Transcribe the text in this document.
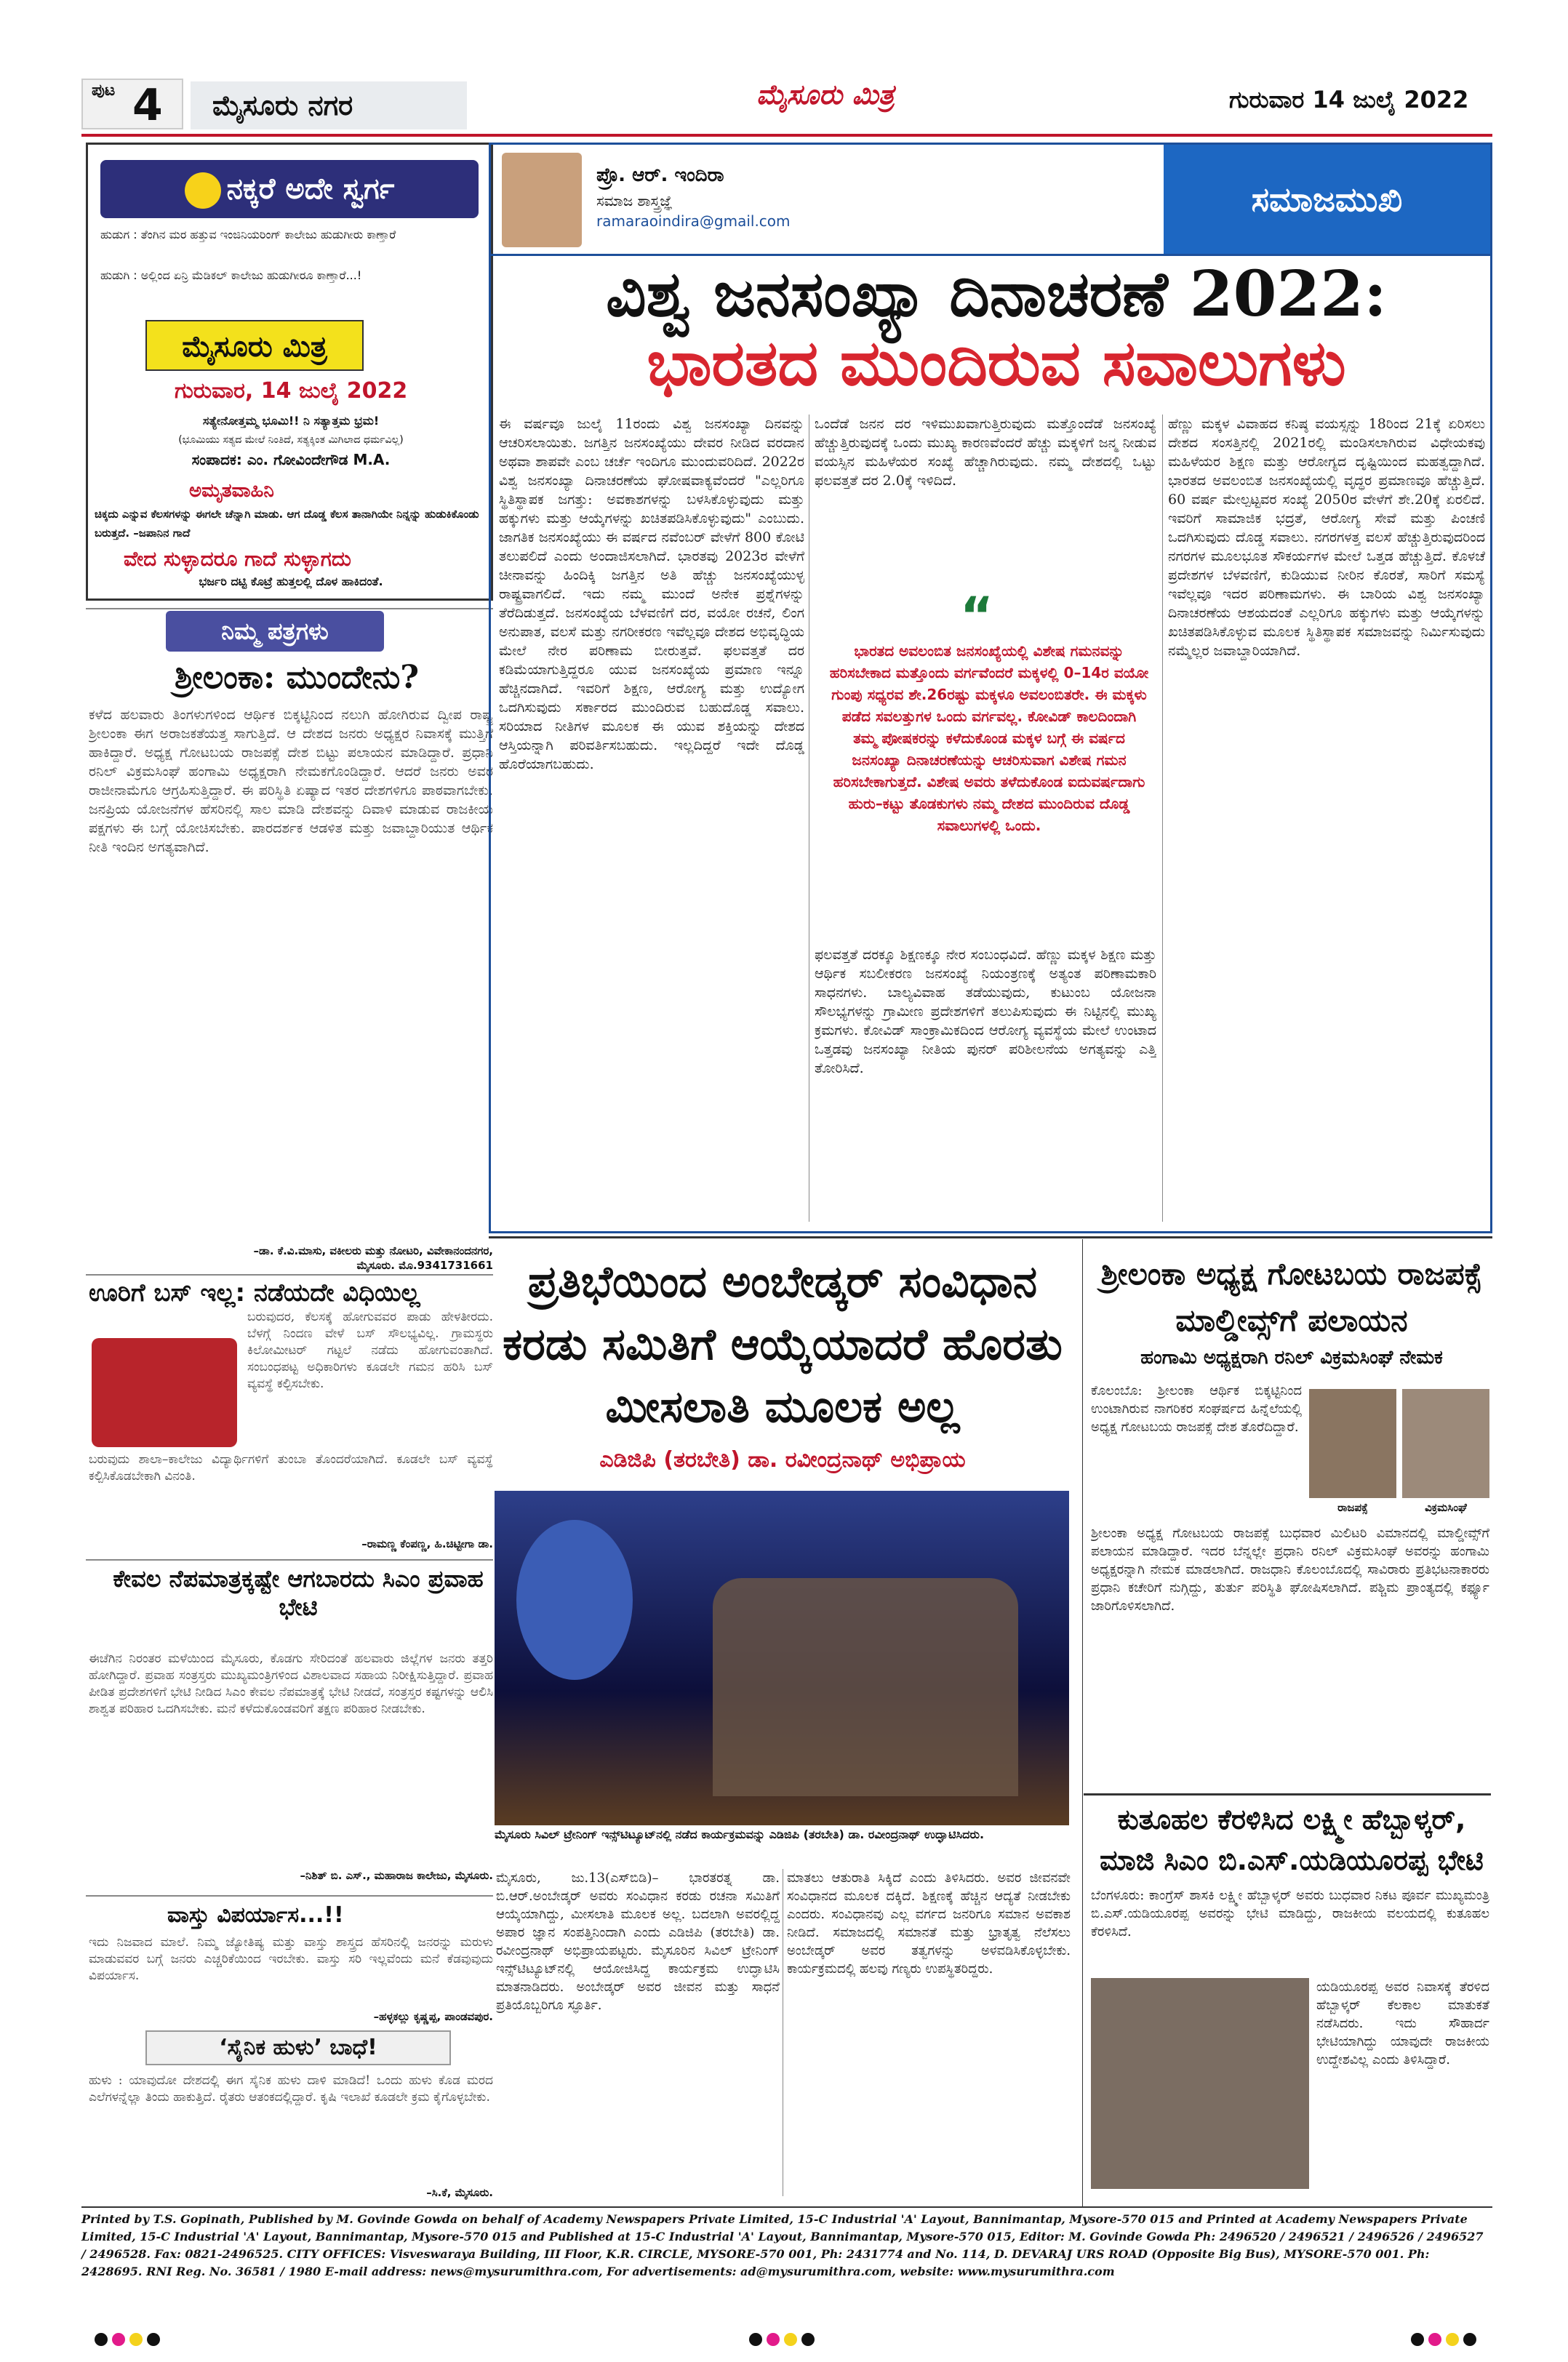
ಪುಟ 4	ಮೈಸೂರು ನಗರ	ಮೈಸೂರು ಮಿತ್ರ	ಗುರುವಾರ 14 ಜುಲೈ 2022
ನಕ್ಕರೆ ಅದೇ ಸ್ವರ್ಗ
ಹುಡುಗ : ತೆಂಗಿನ ಮರ ಹತ್ತುವ ಇಂಜಿನಿಯರಿಂಗ್ ಕಾಲೇಜು ಹುಡುಗೀರು ಕಾಣ್ತಾರೆ
ಹುಡುಗಿ : ಅಲ್ಲಿಂದ ಏನ್ರಿ ಮೆಡಿಕಲ್ ಕಾಲೇಜು ಹುಡುಗೀರೂ ಕಾಣ್ತಾರೆ...!
ಮೈಸೂರು ಮಿತ್ರ
ಗುರುವಾರ, 14 ಜುಲೈ 2022
ಸತ್ಯೇನೋತ್ತಮ್ಮ ಭೂಮಿ!! ನಿ ಸತ್ಯಾತ್ತಮ ಭ್ರಮ!
(ಭೂಮಿಯು ಸತ್ಯದ ಮೇಲೆ ನಿಂತಿದೆ, ಸತ್ಯಕ್ಕಿಂತ ಮಿಗಿಲಾದ ಧರ್ಮವಿಲ್ಲ)
ಸಂಪಾದಕ: ಎಂ. ಗೋವಿಂದೇಗೌಡ M.A.
ಅಮೃತವಾಹಿನಿ
ಚಿಕ್ಕದು ಎನ್ನುವ ಕೆಲಸಗಳನ್ನು ಈಗಲೇ ಚೆನ್ನಾಗಿ ಮಾಡು. ಆಗ ದೊಡ್ಡ ಕೆಲಸ ತಾನಾಗಿಯೇ ನಿನ್ನನ್ನು ಹುಡುಕಿಕೊಂಡು ಬರುತ್ತದೆ. –ಜಪಾನಿನ ಗಾದೆ
ವೇದ ಸುಳ್ಳಾದರೂ ಗಾದೆ ಸುಳ್ಳಾಗದು
ಭರ್ಜರಿ ದಟ್ಟಿ ಕೊಟ್ರೆ ಹುತ್ತಲಲ್ಲಿ ದೊಳ ಹಾಕಿದಂತೆ.
ನಿಮ್ಮ ಪತ್ರಗಳು
ಶ್ರೀಲಂಕಾ: ಮುಂದೇನು?
ಕಳೆದ ಹಲವಾರು ತಿಂಗಳುಗಳಿಂದ ಆರ್ಥಿಕ ಬಿಕ್ಕಟ್ಟಿನಿಂದ ನಲುಗಿ ಹೋಗಿರುವ ದ್ವೀಪ ರಾಷ್ಟ್ರ ಶ್ರೀಲಂಕಾ ಈಗ ಅರಾಜಕತೆಯತ್ತ ಸಾಗುತ್ತಿದೆ. ಆ ದೇಶದ ಜನರು ಅಧ್ಯಕ್ಷರ ನಿವಾಸಕ್ಕೆ ಮುತ್ತಿಗೆ ಹಾಕಿದ್ದಾರೆ. ಅಧ್ಯಕ್ಷ ಗೋಟಬಯ ರಾಜಪಕ್ಸೆ ದೇಶ ಬಿಟ್ಟು ಪಲಾಯನ ಮಾಡಿದ್ದಾರೆ. ಪ್ರಧಾನಿ ರನಿಲ್ ವಿಕ್ರಮಸಿಂಘೆ ಹಂಗಾಮಿ ಅಧ್ಯಕ್ಷರಾಗಿ ನೇಮಕಗೊಂಡಿದ್ದಾರೆ. ಆದರೆ ಜನರು ಅವರ ರಾಜೀನಾಮೆಗೂ ಆಗ್ರಹಿಸುತ್ತಿದ್ದಾರೆ. ಈ ಪರಿಸ್ಥಿತಿ ಏಷ್ಯಾದ ಇತರ ದೇಶಗಳಿಗೂ ಪಾಠವಾಗಬೇಕು. ಜನಪ್ರಿಯ ಯೋಜನೆಗಳ ಹೆಸರಿನಲ್ಲಿ ಸಾಲ ಮಾಡಿ ದೇಶವನ್ನು ದಿವಾಳಿ ಮಾಡುವ ರಾಜಕೀಯ ಪಕ್ಷಗಳು ಈ ಬಗ್ಗೆ ಯೋಚಿಸಬೇಕು. ಪಾರದರ್ಶಕ ಆಡಳಿತ ಮತ್ತು ಜವಾಬ್ದಾರಿಯುತ ಆರ್ಥಿಕ ನೀತಿ ಇಂದಿನ ಅಗತ್ಯವಾಗಿದೆ.
–ಡಾ. ಕೆ.ವಿ.ಮಾಸು, ವಕೀಲರು ಮತ್ತು ನೋಟರಿ, ವಿವೇಕಾನಂದನಗರ, ಮೈಸೂರು. ಮೊ.9341731661
ಊರಿಗೆ ಬಸ್ ಇಲ್ಲ: ನಡೆಯದೇ ವಿಧಿಯಿಲ್ಲ
ಬರುವುದರ, ಕೆಲಸಕ್ಕೆ ಹೋಗುವವರ ಪಾಡು ಹೇಳತೀರದು. ಬೆಳಗ್ಗೆ ನಿಂದಣ ವೇಳೆ ಬಸ್ ಸೌಲಭ್ಯವಿಲ್ಲ. ಗ್ರಾಮಸ್ಥರು ಕಿಲೋಮೀಟರ್ ಗಟ್ಟಲೆ ನಡೆದು ಹೋಗುವಂತಾಗಿದೆ. ಸಂಬಂಧಪಟ್ಟ ಅಧಿಕಾರಿಗಳು ಕೂಡಲೇ ಗಮನ ಹರಿಸಿ ಬಸ್ ವ್ಯವಸ್ಥೆ ಕಲ್ಪಿಸಬೇಕು.
ಬರುವುದು ಶಾಲಾ–ಕಾಲೇಜು ವಿದ್ಯಾರ್ಥಿಗಳಿಗೆ ತುಂಬಾ ತೊಂದರೆಯಾಗಿದೆ. ಕೂಡಲೇ ಬಸ್ ವ್ಯವಸ್ಥೆ ಕಲ್ಪಿಸಿಕೊಡಬೇಕಾಗಿ ವಿನಂತಿ.
–ರಾಮಣ್ಣ ಕೆಂಪಣ್ಣ, ಹಿ.ಚಿಟ್ಟೀಗಾ ಡಾ.
ಕೇವಲ ನೆಪಮಾತ್ರಕ್ಕಷ್ಟೇ ಆಗಬಾರದು ಸಿಎಂ ಪ್ರವಾಹ ಭೇಟಿ
ಈಚೆಗಿನ ನಿರಂತರ ಮಳೆಯಿಂದ ಮೈಸೂರು, ಕೊಡಗು ಸೇರಿದಂತೆ ಹಲವಾರು ಜಿಲ್ಲೆಗಳ ಜನರು ತತ್ತರಿ ಹೋಗಿದ್ದಾರೆ. ಪ್ರವಾಹ ಸಂತ್ರಸ್ತರು ಮುಖ್ಯಮಂತ್ರಿಗಳಿಂದ ವಿಶಾಲವಾದ ಸಹಾಯ ನಿರೀಕ್ಷಿಸುತ್ತಿದ್ದಾರೆ. ಪ್ರವಾಹ ಪೀಡಿತ ಪ್ರದೇಶಗಳಿಗೆ ಭೇಟಿ ನೀಡಿದ ಸಿಎಂ ಕೇವಲ ನೆಪಮಾತ್ರಕ್ಕೆ ಭೇಟಿ ನೀಡದೆ, ಸಂತ್ರಸ್ತರ ಕಷ್ಟಗಳನ್ನು ಆಲಿಸಿ ಶಾಶ್ವತ ಪರಿಹಾರ ಒದಗಿಸಬೇಕು. ಮನೆ ಕಳೆದುಕೊಂಡವರಿಗೆ ತಕ್ಷಣ ಪರಿಹಾರ ನೀಡಬೇಕು.
–ನಿಶಿತ್ ಬಿ. ಎಸ್., ಮಹಾರಾಜ ಕಾಲೇಜು, ಮೈಸೂರು.
ವಾಸ್ತು ವಿಪರ್ಯಾಸ...!!
ಇದು ನಿಜವಾದ ಮಾಲೆ. ನಿಮ್ಮ ಜ್ಯೋತಿಷ್ಯ ಮತ್ತು ವಾಸ್ತು ಶಾಸ್ತ್ರದ ಹೆಸರಿನಲ್ಲಿ ಜನರನ್ನು ಮರುಳು ಮಾಡುವವರ ಬಗ್ಗೆ ಜನರು ಎಚ್ಚರಿಕೆಯಿಂದ ಇರಬೇಕು. ವಾಸ್ತು ಸರಿ ಇಲ್ಲವೆಂದು ಮನೆ ಕೆಡವುವುದು ವಿಪರ್ಯಾಸ.
–ಹಳ್ಳಕಲ್ಲು ಕೃಷ್ಣಪ್ಪ, ಪಾಂಡವಪುರ.
‘ಸೈನಿಕ ಹುಳು’ ಬಾಧೆ!
ಹುಳು : ಯಾವುದೋ ದೇಶದಲ್ಲಿ ಈಗ ಸೈನಿಕ ಹುಳು ದಾಳಿ ಮಾಡಿದೆ! ಒಂದು ಹುಳು ಕೊಡ ಮರದ ಎಲೆಗಳನ್ನೆಲ್ಲಾ ತಿಂದು ಹಾಕುತ್ತಿದೆ. ರೈತರು ಆತಂಕದಲ್ಲಿದ್ದಾರೆ. ಕೃಷಿ ಇಲಾಖೆ ಕೂಡಲೇ ಕ್ರಮ ಕೈಗೊಳ್ಳಬೇಕು.
–ಸಿ.ಕೆ, ಮೈಸೂರು.
ಪ್ರೊ. ಆರ್. ಇಂದಿರಾ
ಸಮಾಜ ಶಾಸ್ತ್ರಜ್ಞೆ
ramaraoindira@gmail.com
ಸಮಾಜಮುಖಿ
ವಿಶ್ವ ಜನಸಂಖ್ಯಾ ದಿನಾಚರಣೆ 2022:
ಭಾರತದ ಮುಂದಿರುವ ಸವಾಲುಗಳು
ಈ ವರ್ಷವೂ ಜುಲೈ 11ರಂದು ವಿಶ್ವ ಜನಸಂಖ್ಯಾ ದಿನವನ್ನು ಆಚರಿಸಲಾಯಿತು. ಜಗತ್ತಿನ ಜನಸಂಖ್ಯೆಯು ದೇವರ ನೀಡಿದ ವರದಾನ ಅಥವಾ ಶಾಪವೇ ಎಂಬ ಚರ್ಚೆ ಇಂದಿಗೂ ಮುಂದುವರಿದಿದೆ. 2022ರ ವಿಶ್ವ ಜನಸಂಖ್ಯಾ ದಿನಾಚರಣೆಯ ಘೋಷವಾಕ್ಯವೆಂದರೆ "ಎಲ್ಲರಿಗೂ ಸ್ಥಿತಿಸ್ಥಾಪಕ ಜಗತ್ತು: ಅವಕಾಶಗಳನ್ನು ಬಳಸಿಕೊಳ್ಳುವುದು ಮತ್ತು ಹಕ್ಕುಗಳು ಮತ್ತು ಆಯ್ಕೆಗಳನ್ನು ಖಚಿತಪಡಿಸಿಕೊಳ್ಳುವುದು" ಎಂಬುದು. ಜಾಗತಿಕ ಜನಸಂಖ್ಯೆಯು ಈ ವರ್ಷದ ನವೆಂಬರ್ ವೇಳೆಗೆ 800 ಕೋಟಿ ತಲುಪಲಿದೆ ಎಂದು ಅಂದಾಜಿಸಲಾಗಿದೆ. ಭಾರತವು 2023ರ ವೇಳೆಗೆ ಚೀನಾವನ್ನು ಹಿಂದಿಕ್ಕಿ ಜಗತ್ತಿನ ಅತಿ ಹೆಚ್ಚು ಜನಸಂಖ್ಯೆಯುಳ್ಳ ರಾಷ್ಟ್ರವಾಗಲಿದೆ. ಇದು ನಮ್ಮ ಮುಂದೆ ಅನೇಕ ಪ್ರಶ್ನೆಗಳನ್ನು ತೆರೆದಿಡುತ್ತದೆ. ಜನಸಂಖ್ಯೆಯ ಬೆಳವಣಿಗೆ ದರ, ವಯೋ ರಚನೆ, ಲಿಂಗ ಅನುಪಾತ, ವಲಸೆ ಮತ್ತು ನಗರೀಕರಣ ಇವೆಲ್ಲವೂ ದೇಶದ ಅಭಿವೃದ್ಧಿಯ ಮೇಲೆ ನೇರ ಪರಿಣಾಮ ಬೀರುತ್ತವೆ. ಫಲವತ್ತತೆ ದರ ಕಡಿಮೆಯಾಗುತ್ತಿದ್ದರೂ ಯುವ ಜನಸಂಖ್ಯೆಯ ಪ್ರಮಾಣ ಇನ್ನೂ ಹೆಚ್ಚಿನದಾಗಿದೆ. ಇವರಿಗೆ ಶಿಕ್ಷಣ, ಆರೋಗ್ಯ ಮತ್ತು ಉದ್ಯೋಗ ಒದಗಿಸುವುದು ಸರ್ಕಾರದ ಮುಂದಿರುವ ಬಹುದೊಡ್ಡ ಸವಾಲು. ಸರಿಯಾದ ನೀತಿಗಳ ಮೂಲಕ ಈ ಯುವ ಶಕ್ತಿಯನ್ನು ದೇಶದ ಆಸ್ತಿಯನ್ನಾಗಿ ಪರಿವರ್ತಿಸಬಹುದು. ಇಲ್ಲದಿದ್ದರೆ ಇದೇ ದೊಡ್ಡ ಹೊರೆಯಾಗಬಹುದು.
ಒಂದೆಡೆ ಜನನ ದರ ಇಳಿಮುಖವಾಗುತ್ತಿರುವುದು ಮತ್ತೊಂದೆಡೆ ಜನಸಂಖ್ಯೆ ಹೆಚ್ಚುತ್ತಿರುವುದಕ್ಕೆ ಒಂದು ಮುಖ್ಯ ಕಾರಣವೆಂದರೆ ಹೆಚ್ಚು ಮಕ್ಕಳಿಗೆ ಜನ್ಮ ನೀಡುವ ವಯಸ್ಸಿನ ಮಹಿಳೆಯರ ಸಂಖ್ಯೆ ಹೆಚ್ಚಾಗಿರುವುದು. ನಮ್ಮ ದೇಶದಲ್ಲಿ ಒಟ್ಟು ಫಲವತ್ತತೆ ದರ 2.0ಕ್ಕೆ ಇಳಿದಿದೆ.
“
ಭಾರತದ ಅವಲಂಬಿತ ಜನಸಂಖ್ಯೆಯಲ್ಲಿ ವಿಶೇಷ ಗಮನವನ್ನು ಹರಿಸಬೇಕಾದ ಮತ್ತೊಂದು ವರ್ಗವೆಂದರೆ ಮಕ್ಕಳಲ್ಲಿ 0–14ರ ವಯೋ ಗುಂಪು ಸಧ್ಯರವ ಶೇ.26ರಷ್ಟು ಮಕ್ಕಳೂ ಅವಲಂಬಿತರೇ. ಈ ಮಕ್ಕಳು ಪಡೆದ ಸವಲತ್ತುಗಳ ಒಂದು ವರ್ಗವಲ್ಲ. ಕೋವಿಡ್ ಕಾಲದಿಂದಾಗಿ ತಮ್ಮ ಪೋಷಕರನ್ನು ಕಳೆದುಕೊಂಡ ಮಕ್ಕಳ ಬಗ್ಗೆ ಈ ವರ್ಷದ ಜನಸಂಖ್ಯಾ ದಿನಾಚರಣೆಯನ್ನು ಆಚರಿಸುವಾಗ ವಿಶೇಷ ಗಮನ ಹರಿಸಬೇಕಾಗುತ್ತದೆ. ವಿಶೇಷ ಅವರು ತಳೆದುಕೊಂಡ ಐದುವರ್ಷದಾಗು ಹುರು–ಕಟ್ಟು ತೊಡಕುಗಳು ನಮ್ಮ ದೇಶದ ಮುಂದಿರುವ ದೊಡ್ಡ ಸವಾಲುಗಳಲ್ಲಿ ಒಂದು.
ಫಲವತ್ತತೆ ದರಕ್ಕೂ ಶಿಕ್ಷಣಕ್ಕೂ ನೇರ ಸಂಬಂಧವಿದೆ. ಹೆಣ್ಣು ಮಕ್ಕಳ ಶಿಕ್ಷಣ ಮತ್ತು ಆರ್ಥಿಕ ಸಬಲೀಕರಣ ಜನಸಂಖ್ಯೆ ನಿಯಂತ್ರಣಕ್ಕೆ ಅತ್ಯಂತ ಪರಿಣಾಮಕಾರಿ ಸಾಧನಗಳು. ಬಾಲ್ಯವಿವಾಹ ತಡೆಯುವುದು, ಕುಟುಂಬ ಯೋಜನಾ ಸೌಲಭ್ಯಗಳನ್ನು ಗ್ರಾಮೀಣ ಪ್ರದೇಶಗಳಿಗೆ ತಲುಪಿಸುವುದು ಈ ನಿಟ್ಟಿನಲ್ಲಿ ಮುಖ್ಯ ಕ್ರಮಗಳು. ಕೋವಿಡ್ ಸಾಂಕ್ರಾಮಿಕದಿಂದ ಆರೋಗ್ಯ ವ್ಯವಸ್ಥೆಯ ಮೇಲೆ ಉಂಟಾದ ಒತ್ತಡವು ಜನಸಂಖ್ಯಾ ನೀತಿಯ ಪುನರ್ ಪರಿಶೀಲನೆಯ ಅಗತ್ಯವನ್ನು ಎತ್ತಿ ತೋರಿಸಿದೆ.
ಹೆಣ್ಣು ಮಕ್ಕಳ ವಿವಾಹದ ಕನಿಷ್ಠ ವಯಸ್ಸನ್ನು 18ರಿಂದ 21ಕ್ಕೆ ಏರಿಸಲು ದೇಶದ ಸಂಸತ್ತಿನಲ್ಲಿ 2021ರಲ್ಲಿ ಮಂಡಿಸಲಾಗಿರುವ ವಿಧೇಯಕವು ಮಹಿಳೆಯರ ಶಿಕ್ಷಣ ಮತ್ತು ಆರೋಗ್ಯದ ದೃಷ್ಟಿಯಿಂದ ಮಹತ್ವದ್ದಾಗಿದೆ. ಭಾರತದ ಅವಲಂಬಿತ ಜನಸಂಖ್ಯೆಯಲ್ಲಿ ವೃದ್ಧರ ಪ್ರಮಾಣವೂ ಹೆಚ್ಚುತ್ತಿದೆ. 60 ವರ್ಷ ಮೇಲ್ಪಟ್ಟವರ ಸಂಖ್ಯೆ 2050ರ ವೇಳೆಗೆ ಶೇ.20ಕ್ಕೆ ಏರಲಿದೆ. ಇವರಿಗೆ ಸಾಮಾಜಿಕ ಭದ್ರತೆ, ಆರೋಗ್ಯ ಸೇವೆ ಮತ್ತು ಪಿಂಚಣಿ ಒದಗಿಸುವುದು ದೊಡ್ಡ ಸವಾಲು. ನಗರಗಳತ್ತ ವಲಸೆ ಹೆಚ್ಚುತ್ತಿರುವುದರಿಂದ ನಗರಗಳ ಮೂಲಭೂತ ಸೌಕರ್ಯಗಳ ಮೇಲೆ ಒತ್ತಡ ಹೆಚ್ಚುತ್ತಿದೆ. ಕೊಳಚೆ ಪ್ರದೇಶಗಳ ಬೆಳವಣಿಗೆ, ಕುಡಿಯುವ ನೀರಿನ ಕೊರತೆ, ಸಾರಿಗೆ ಸಮಸ್ಯೆ ಇವೆಲ್ಲವೂ ಇದರ ಪರಿಣಾಮಗಳು. ಈ ಬಾರಿಯ ವಿಶ್ವ ಜನಸಂಖ್ಯಾ ದಿನಾಚರಣೆಯ ಆಶಯದಂತೆ ಎಲ್ಲರಿಗೂ ಹಕ್ಕುಗಳು ಮತ್ತು ಆಯ್ಕೆಗಳನ್ನು ಖಚಿತಪಡಿಸಿಕೊಳ್ಳುವ ಮೂಲಕ ಸ್ಥಿತಿಸ್ಥಾಪಕ ಸಮಾಜವನ್ನು ನಿರ್ಮಿಸುವುದು ನಮ್ಮೆಲ್ಲರ ಜವಾಬ್ದಾರಿಯಾಗಿದೆ.
ಪ್ರತಿಭೆಯಿಂದ ಅಂಬೇಡ್ಕರ್ ಸಂವಿಧಾನ ಕರಡು ಸಮಿತಿಗೆ ಆಯ್ಕೆಯಾದರೆ ಹೊರತು ಮೀಸಲಾತಿ ಮೂಲಕ ಅಲ್ಲ
ಎಡಿಜಿಪಿ (ತರಬೇತಿ) ಡಾ. ರವೀಂದ್ರನಾಥ್ ಅಭಿಪ್ರಾಯ
ಮೈಸೂರು ಸಿವಿಲ್ ಟ್ರೇನಿಂಗ್ ಇನ್ಸ್‌ಟಿಟ್ಯೂಟ್‌ನಲ್ಲಿ ನಡೆದ ಕಾರ್ಯಕ್ರಮವನ್ನು ಎಡಿಜಿಪಿ (ತರಬೇತಿ) ಡಾ. ರವೀಂದ್ರನಾಥ್ ಉದ್ಘಾಟಿಸಿದರು.
ಮೈಸೂರು, ಜು.13(ಎಸ್‌ಬಿಡಿ)– ಭಾರತರತ್ನ ಡಾ. ಬಿ.ಆರ್.ಅಂಬೇಡ್ಕರ್ ಅವರು ಸಂವಿಧಾನ ಕರಡು ರಚನಾ ಸಮಿತಿಗೆ ಆಯ್ಕೆಯಾಗಿದ್ದು, ಮೀಸಲಾತಿ ಮೂಲಕ ಅಲ್ಲ. ಬದಲಾಗಿ ಅವರಲ್ಲಿದ್ದ ಅಪಾರ ಜ್ಞಾನ ಸಂಪತ್ತಿನಿಂದಾಗಿ ಎಂದು ಎಡಿಜಿಪಿ (ತರಬೇತಿ) ಡಾ. ರವೀಂದ್ರನಾಥ್ ಅಭಿಪ್ರಾಯಪಟ್ಟರು. ಮೈಸೂರಿನ ಸಿವಿಲ್ ಟ್ರೇನಿಂಗ್ ಇನ್ಸ್‌ಟಿಟ್ಯೂಟ್‌ನಲ್ಲಿ ಆಯೋಜಿಸಿದ್ದ ಕಾರ್ಯಕ್ರಮ ಉದ್ಘಾಟಿಸಿ ಮಾತನಾಡಿದರು. ಅಂಬೇಡ್ಕರ್ ಅವರ ಜೀವನ ಮತ್ತು ಸಾಧನೆ ಪ್ರತಿಯೊಬ್ಬರಿಗೂ ಸ್ಫೂರ್ತಿ.
ಮಾತಲು ಆತುರಾತಿ ಸಿಕ್ಕಿದೆ ಎಂದು ತಿಳಿಸಿದರು. ಅವರ ಜೀವನವೇ ಸಂವಿಧಾನದ ಮೂಲಕ ದಕ್ಕಿದೆ. ಶಿಕ್ಷಣಕ್ಕೆ ಹೆಚ್ಚಿನ ಆದ್ಯತೆ ನೀಡಬೇಕು ಎಂದರು. ಸಂವಿಧಾನವು ಎಲ್ಲ ವರ್ಗದ ಜನರಿಗೂ ಸಮಾನ ಅವಕಾಶ ನೀಡಿದೆ. ಸಮಾಜದಲ್ಲಿ ಸಮಾನತೆ ಮತ್ತು ಭ್ರಾತೃತ್ವ ನೆಲೆಸಲು ಅಂಬೇಡ್ಕರ್ ಅವರ ತತ್ವಗಳನ್ನು ಅಳವಡಿಸಿಕೊಳ್ಳಬೇಕು. ಕಾರ್ಯಕ್ರಮದಲ್ಲಿ ಹಲವು ಗಣ್ಯರು ಉಪಸ್ಥಿತರಿದ್ದರು.
ಶ್ರೀಲಂಕಾ ಅಧ್ಯಕ್ಷ ಗೋಟಬಯ ರಾಜಪಕ್ಸೆ ಮಾಲ್ಡೀವ್ಸ್‌ಗೆ ಪಲಾಯನ
ಹಂಗಾಮಿ ಅಧ್ಯಕ್ಷರಾಗಿ ರನಿಲ್ ವಿಕ್ರಮಸಿಂಘೆ ನೇಮಕ
ರಾಜಪಕ್ಸೆ	ವಿಕ್ರಮಸಿಂಘೆ
ಕೊಲಂಬೊ: ಶ್ರೀಲಂಕಾ ಆರ್ಥಿಕ ಬಿಕ್ಕಟ್ಟಿನಿಂದ ಉಂಟಾಗಿರುವ ನಾಗರಿಕರ ಸಂಘರ್ಷದ ಹಿನ್ನೆಲೆಯಲ್ಲಿ ಅಧ್ಯಕ್ಷ ಗೋಟಬಯ ರಾಜಪಕ್ಸೆ ದೇಶ ತೊರೆದಿದ್ದಾರೆ.
ಶ್ರೀಲಂಕಾ ಅಧ್ಯಕ್ಷ ಗೋಟಬಯ ರಾಜಪಕ್ಸೆ ಬುಧವಾರ ಮಿಲಿಟರಿ ವಿಮಾನದಲ್ಲಿ ಮಾಲ್ಡೀವ್ಸ್‌ಗೆ ಪಲಾಯನ ಮಾಡಿದ್ದಾರೆ. ಇದರ ಬೆನ್ನಲ್ಲೇ ಪ್ರಧಾನಿ ರನಿಲ್ ವಿಕ್ರಮಸಿಂಘೆ ಅವರನ್ನು ಹಂಗಾಮಿ ಅಧ್ಯಕ್ಷರನ್ನಾಗಿ ನೇಮಕ ಮಾಡಲಾಗಿದೆ. ರಾಜಧಾನಿ ಕೊಲಂಬೊದಲ್ಲಿ ಸಾವಿರಾರು ಪ್ರತಿಭಟನಾಕಾರರು ಪ್ರಧಾನಿ ಕಚೇರಿಗೆ ನುಗ್ಗಿದ್ದು, ತುರ್ತು ಪರಿಸ್ಥಿತಿ ಘೋಷಿಸಲಾಗಿದೆ. ಪಶ್ಚಿಮ ಪ್ರಾಂತ್ಯದಲ್ಲಿ ಕರ್ಫ್ಯೂ ಜಾರಿಗೊಳಿಸಲಾಗಿದೆ.
ಕುತೂಹಲ ಕೆರಳಿಸಿದ ಲಕ್ಷ್ಮೀ ಹೆಬ್ಬಾಳ್ಕರ್, ಮಾಜಿ ಸಿಎಂ ಬಿ.ಎಸ್.ಯಡಿಯೂರಪ್ಪ ಭೇಟಿ
ಬೆಂಗಳೂರು: ಕಾಂಗ್ರೆಸ್ ಶಾಸಕಿ ಲಕ್ಷ್ಮೀ ಹೆಬ್ಬಾಳ್ಕರ್ ಅವರು ಬುಧವಾರ ನಿಕಟ ಪೂರ್ವ ಮುಖ್ಯಮಂತ್ರಿ ಬಿ.ಎಸ್.ಯಡಿಯೂರಪ್ಪ ಅವರನ್ನು ಭೇಟಿ ಮಾಡಿದ್ದು, ರಾಜಕೀಯ ವಲಯದಲ್ಲಿ ಕುತೂಹಲ ಕೆರಳಿಸಿದೆ.
ಯಡಿಯೂರಪ್ಪ ಅವರ ನಿವಾಸಕ್ಕೆ ತೆರಳಿದ ಹೆಬ್ಬಾಳ್ಕರ್ ಕೆಲಕಾಲ ಮಾತುಕತೆ ನಡೆಸಿದರು. ಇದು ಸೌಹಾರ್ದ ಭೇಟಿಯಾಗಿದ್ದು ಯಾವುದೇ ರಾಜಕೀಯ ಉದ್ದೇಶವಿಲ್ಲ ಎಂದು ತಿಳಿಸಿದ್ದಾರೆ.
Printed by T.S. Gopinath, Published by M. Govinde Gowda on behalf of Academy Newspapers Private Limited, 15-C Industrial 'A' Layout, Bannimantap, Mysore-570 015 and Printed at Academy Newspapers Private Limited, 15-C Industrial 'A' Layout, Bannimantap, Mysore-570 015 and Published at 15-C Industrial 'A' Layout, Bannimantap, Mysore-570 015, Editor: M. Govinde Gowda Ph: 2496520 / 2496521 / 2496526 / 2496527 / 2496528. Fax: 0821-2496525. CITY OFFICES: Visveswaraya Building, III Floor, K.R. CIRCLE, MYSORE-570 001, Ph: 2431774 and No. 114, D. DEVARAJ URS ROAD (Opposite Big Bus), MYSORE-570 001. Ph: 2428695. RNI Reg. No. 36581 / 1980 E-mail address: news@mysurumithra.com, For advertisements: ad@mysurumithra.com, website: www.mysurumithra.com
